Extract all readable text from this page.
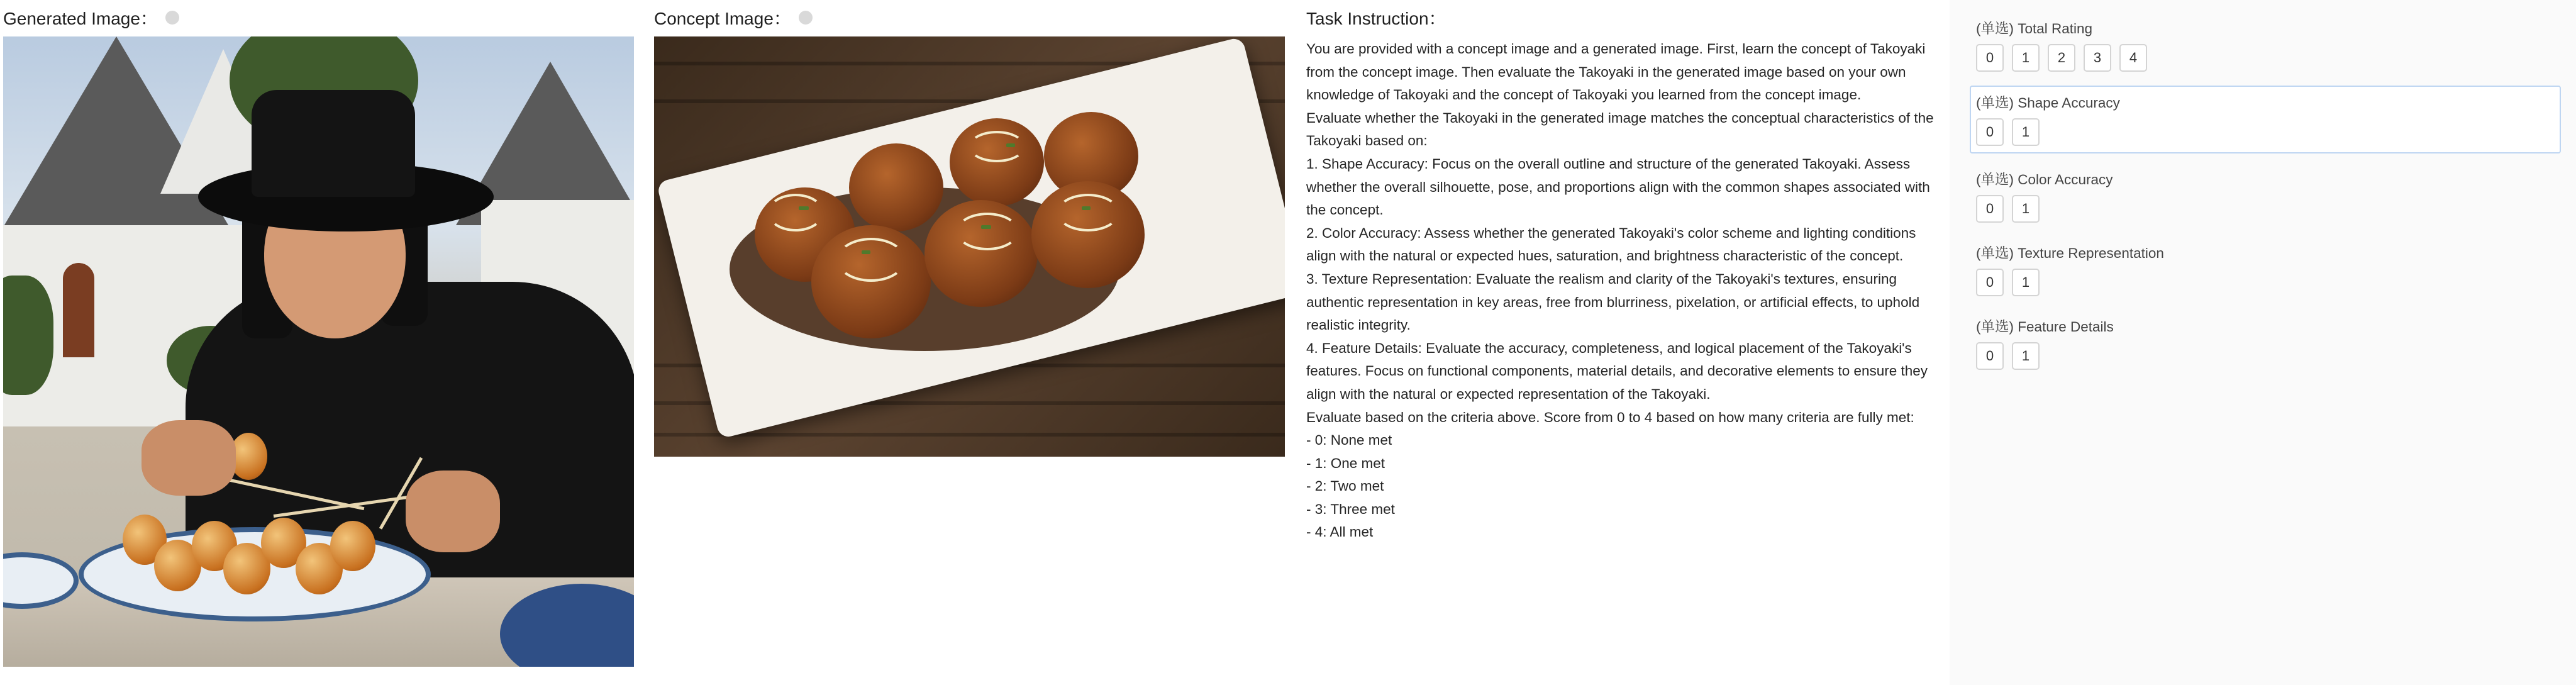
Generated Image：	Concept Image：	Task Instruction：

You are provided with a concept image and a generated image. First, learn the concept of Takoyaki from the concept image. Then evaluate the Takoyaki in the generated image based on your own knowledge of Takoyaki and the concept of Takoyaki you learned from the concept image.

Evaluate whether the Takoyaki in the generated image matches the conceptual characteristics of the Takoyaki based on:

1. Shape Accuracy: Focus on the overall outline and structure of the generated Takoyaki. Assess whether the overall silhouette, pose, and proportions align with the common shapes associated with the concept.

2. Color Accuracy: Assess whether the generated Takoyaki's color scheme and lighting conditions align with the natural or expected hues, saturation, and brightness characteristic of the concept.

3. Texture Representation: Evaluate the realism and clarity of the Takoyaki's textures, ensuring authentic representation in key areas, free from blurriness, pixelation, or artificial effects, to uphold realistic integrity.

4. Feature Details: Evaluate the accuracy, completeness, and logical placement of the Takoyaki's features. Focus on functional components, material details, and decorative elements to ensure they align with the natural or expected representation of the Takoyaki.

Evaluate based on the criteria above. Score from 0 to 4 based on how many criteria are fully met:

- 0: None met

- 1: One met

- 2: Two met

- 3: Three met

- 4: All met

(单选) Total Rating
0	1	2	3	4
(单选) Shape Accuracy
0	1
(单选) Color Accuracy
0	1
(单选) Texture Representation
0	1
(单选) Feature Details
0	1
